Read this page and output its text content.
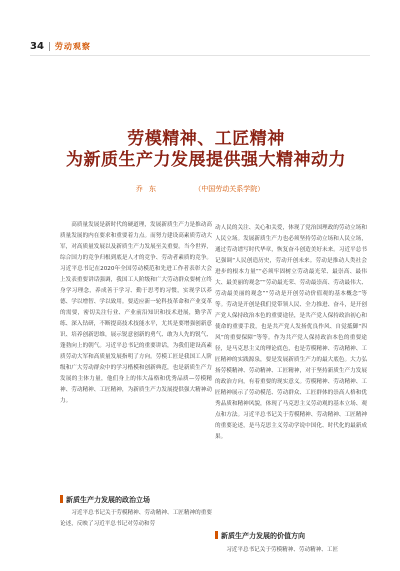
34 劳动观察
劳模精神、工匠精神
为新质生产力发展提供强大精神动力
乔 东	（中国劳动关系学院）

高质量发展是新时代的硬道理，发展新质生产力是推动高质量发展的内在要求和重要着力点。而努力建设高素质劳动大军，对高质量发展以及新质生产力发展至关重要。当今世界，综合国力的竞争归根到底是人才的竞争、劳动者素质的竞争。习近平总书记在2020年全国劳动模范和先进工作者表彰大会上发表重要讲话强调，我国工人阶级和广大劳动群众要树立终身学习理念，养成善于学习、勤于思考的习惯，实现学以养德、学以增智、学以致用。要适应新一轮科技革命和产业变革的需要，密切关注行业、产业前沿知识和技术进展，勤学苦练、深入钻研，不断提高技术技能水平，尤其是要增强创新意识、培养创新思维，展示锐意创新的勇气、敢为人先的锐气、蓬勃向上的朝气。习近平总书记的重要讲话，为我们建设高素质劳动大军和高质量发展指明了方向。劳模工匠是我国工人阶级和广大劳动群众中的学习楷模和创新典范，也是新质生产力发展的主体力量，他们身上的伟大品格和优秀品质—劳模精神、劳动精神、工匠精神，为新质生产力发展提供强大精神动力。

新质生产力发展的政治立场

习近平总书记关于劳模精神、劳动精神、工匠精神的重要论述，反映了习近平总书记对劳动和劳

动人民的关注、关心和关爱，体现了党治国理政的劳动立场和人民立场。发展新质生产力也必须坚持劳动立场和人民立场，通过劳动谱写时代华章，恢复奋斗创造美好未来。习近平总书记强调“人民创造历史，劳动开创未来。劳动是推动人类社会进步的根本力量”“必须牢固树立劳动最光荣、最崇高、最伟大、最美丽的观念”“劳动最光荣、劳动最崇高、劳动最伟大、劳动最美丽的观念”“劳动是开创劳动价值观的基本概念”等等。劳动是开创是我们党带领人民、全力推进、奋斗，是开创产党人保持政治本色的重要途径，是共产党人保持政治初心和使命的重要手段，也是共产党人发扬优良作风、自觉抵御“四风”的重要保障”等等。作为共产党人保持政治本色的重要途径，是马克思主义的理论底色，也是劳模精神、劳动精神、工匠精神的实践源泉，要是发展新质生产力的最大底色。大力弘扬劳模精神、劳动精神、工匠精神，对于坚持新质生产力发展的政治方向，有着重要的现实意义。劳模精神、劳动精神、工匠精神展示了劳动模范、劳动群众、工匠群体的崇高人格和优秀品质和精神风貌，体现了马克思主义劳动观的基本立场、观点和方法。习近平总书记关于劳模精神、劳动精神、工匠精神的重要论述，是马克思主义劳动学说中国化、时代化的最新成果。

新质生产力发展的价值方向

习近平总书记关于劳模精神、劳动精神、工匠
